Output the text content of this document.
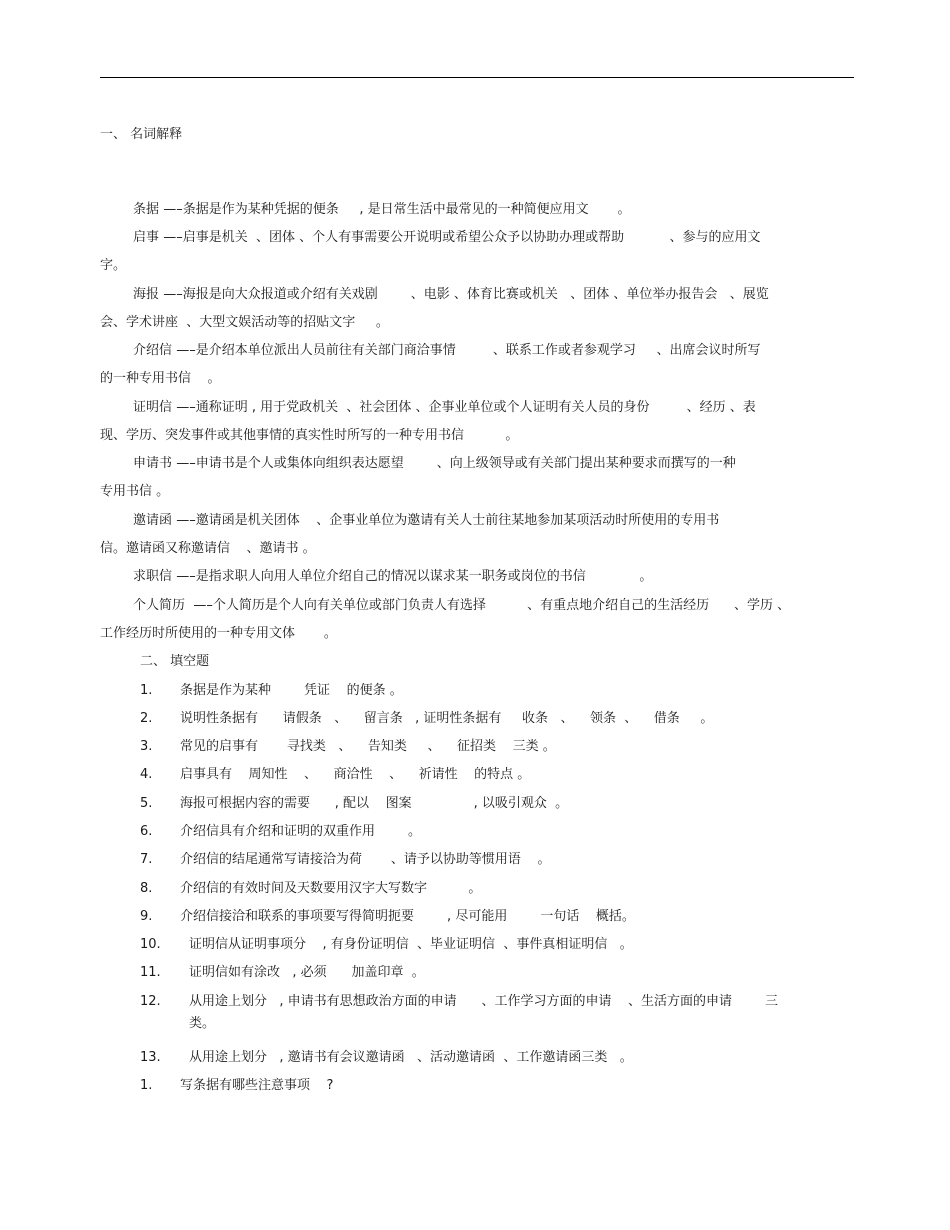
一、 名词解释
条据 —–条据是作为某种凭据的便条     , 是日常生活中最常见的一种简便应用文       。
启事 —–启事是机关  、团体 、个人有事需要公开说明或希望公众予以协助办理或帮助           、参与的应用文
字。
海报 —–海报是向大众报道或介绍有关戏剧        、电影 、体育比赛或机关   、团体 、单位举办报告会   、展览
会、学术讲座  、大型文娱活动等的招贴文字     。
介绍信 —–是介绍本单位派出人员前往有关部门商洽事情         、联系工作或者参观学习     、出席会议时所写
的一种专用书信    。
证明信 —–通称证明 , 用于党政机关  、社会团体 、企事业单位或个人证明有关人员的身份         、经历 、表
现、学历、突发事件或其他事情的真实性时所写的一种专用书信          。
申请书 —–申请书是个人或集体向组织表达愿望        、向上级领导或有关部门提出某种要求而撰写的一种
专用书信 。
邀请函 —–邀请函是机关团体    、企事业单位为邀请有关人士前往某地参加某项活动时所使用的专用书
信。邀请函又称邀请信    、邀请书 。
求职信 —–是指求职人向用人单位介绍自己的情况以谋求某一职务或岗位的书信             。
个人简历  —–个人简历是个人向有关单位或部门负责人有选择          、有重点地介绍自己的生活经历      、学历 、
工作经历时所使用的一种专用文体       。
二、 填空题
1. 条据是作为某种        凭证    的便条 。
2. 说明性条据有      请假条   、    留言条   , 证明性条据有     收条   、    领条  、    借条     。
3. 常见的启事有       寻找类   、    告知类     、    征招类    三类 。
4. 启事具有    周知性    、    商洽性    、    祈请性    的特点 。
5. 海报可根据内容的需要      , 配以    图案               , 以吸引观众  。
6. 介绍信具有介绍和证明的双重作用        。
7. 介绍信的结尾通常写请接洽为荷       、请予以协助等惯用语    。
8. 介绍信的有效时间及天数要用汉字大写数字          。
9. 介绍信接洽和联系的事项要写得简明扼要        , 尽可能用        一句话    概括。
10. 证明信从证明事项分    , 有身份证明信  、毕业证明信  、事件真相证明信   。
11. 证明信如有涂改   , 必须      加盖印章  。
12. 从用途上划分   , 申请书有思想政治方面的申请      、工作学习方面的申请    、生活方面的申请        三
类。
13. 从用途上划分   , 邀请书有会议邀请函   、活动邀请函  、工作邀请函三类   。
1. 写条据有哪些注意事项    ?
